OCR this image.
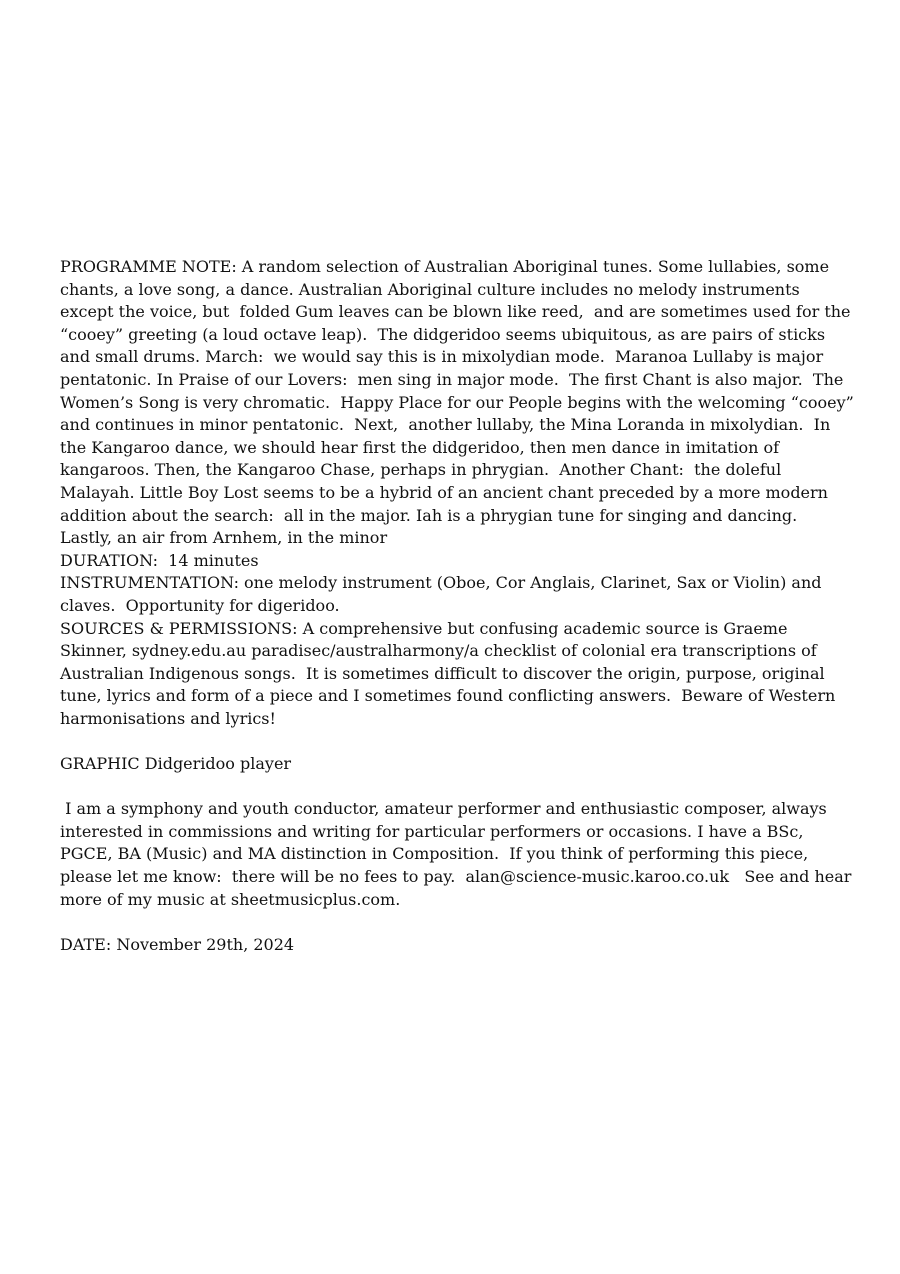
PROGRAMME NOTE: A random selection of Australian Aboriginal tunes. Some lullabies, some
chants, a love song, a dance. Australian Aboriginal culture includes no melody instruments
except the voice, but  folded Gum leaves can be blown like reed,  and are sometimes used for the
“cooey” greeting (a loud octave leap).  The didgeridoo seems ubiquitous, as are pairs of sticks
and small drums. March:  we would say this is in mixolydian mode.  Maranoa Lullaby is major
pentatonic. In Praise of our Lovers:  men sing in major mode.  The first Chant is also major.  The
Women’s Song is very chromatic.  Happy Place for our People begins with the welcoming “cooey”
and continues in minor pentatonic.  Next,  another lullaby, the Mina Loranda in mixolydian.  In
the Kangaroo dance, we should hear first the didgeridoo, then men dance in imitation of
kangaroos. Then, the Kangaroo Chase, perhaps in phrygian.  Another Chant:  the doleful
Malayah. Little Boy Lost seems to be a hybrid of an ancient chant preceded by a more modern
addition about the search:  all in the major. Iah is a phrygian tune for singing and dancing.
Lastly, an air from Arnhem, in the minor

DURATION:  14 minutes

INSTRUMENTATION: one melody instrument (Oboe, Cor Anglais, Clarinet, Sax or Violin) and
claves.  Opportunity for digeridoo.

SOURCES & PERMISSIONS: A comprehensive but confusing academic source is Graeme
Skinner, sydney.edu.au paradisec/australharmony/a checklist of colonial era transcriptions of
Australian Indigenous songs.  It is sometimes difficult to discover the origin, purpose, original
tune, lyrics and form of a piece and I sometimes found conflicting answers.  Beware of Western
harmonisations and lyrics!

GRAPHIC Didgeridoo player

I am a symphony and youth conductor, amateur performer and enthusiastic composer, always
interested in commissions and writing for particular performers or occasions. I have a BSc,
PGCE, BA (Music) and MA distinction in Composition.  If you think of performing this piece,
please let me know:  there will be no fees to pay.  alan@science-music.karoo.co.uk   See and hear
more of my music at sheetmusicplus.com.

DATE: November 29th, 2024
